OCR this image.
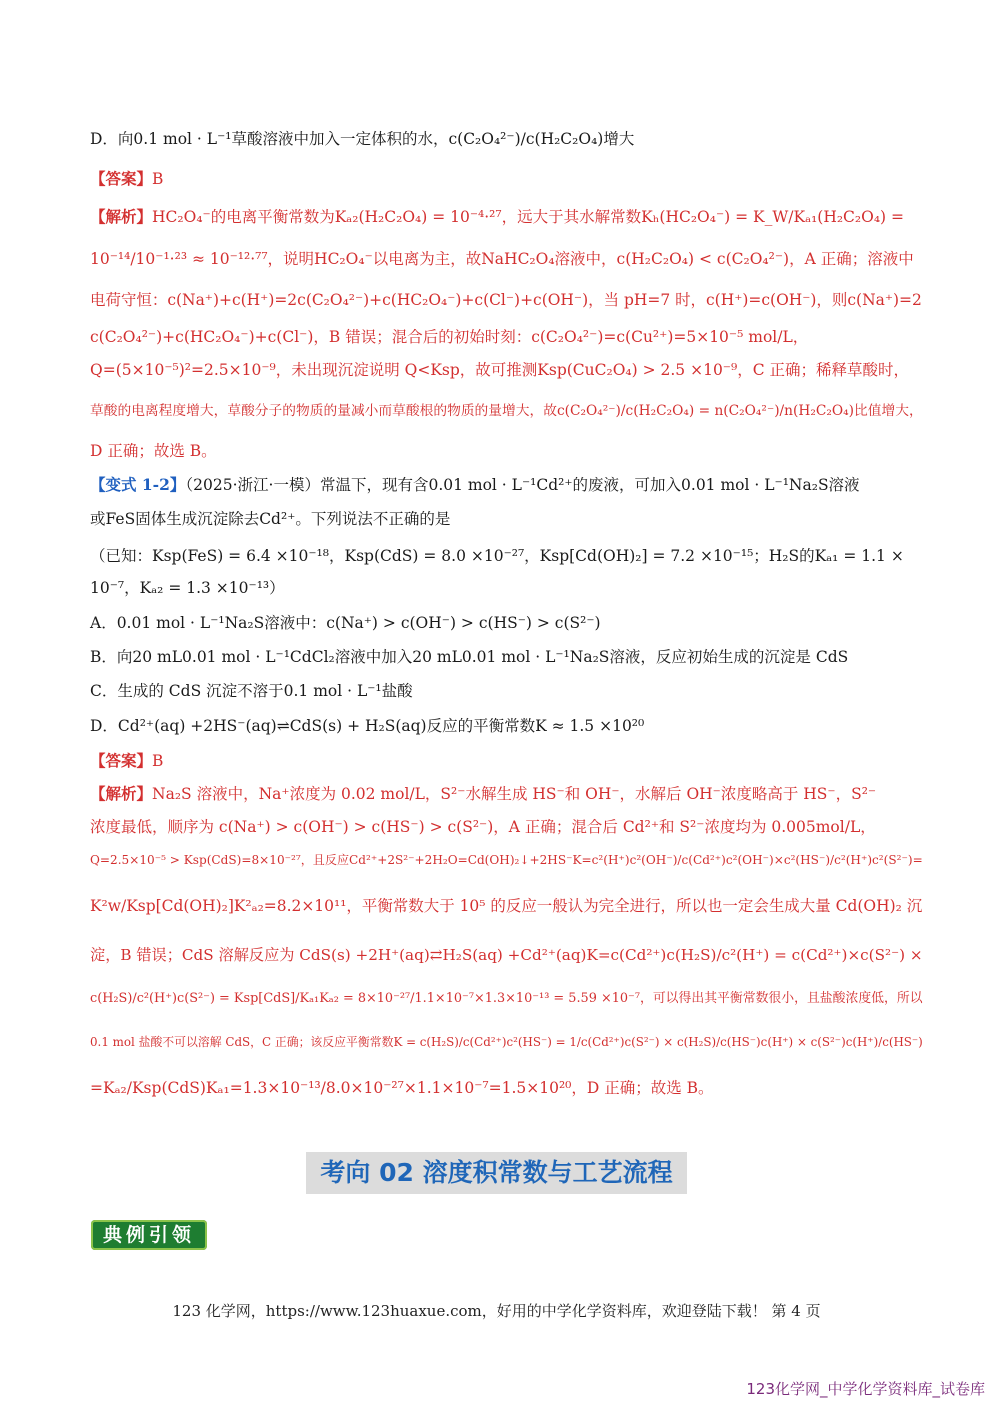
D．向0.1 mol · L⁻¹草酸溶液中加入一定体积的水，c(C₂O₄²⁻)/c(H₂C₂O₄)增大
【答案】B
【解析】HC₂O₄⁻的电离平衡常数为Kₐ₂(H₂C₂O₄) = 10⁻⁴·²⁷，远大于其水解常数Kₕ(HC₂O₄⁻) = K_W/Kₐ₁(H₂C₂O₄) =
10⁻¹⁴/10⁻¹·²³ ≈ 10⁻¹²·⁷⁷，说明HC₂O₄⁻以电离为主，故NaHC₂O₄溶液中，c(H₂C₂O₄) < c(C₂O₄²⁻)，A 正确；溶液中
电荷守恒：c(Na⁺)+c(H⁺)=2c(C₂O₄²⁻)+c(HC₂O₄⁻)+c(Cl⁻)+c(OH⁻)，当 pH=7 时，c(H⁺)=c(OH⁻)，则c(Na⁺)=2
c(C₂O₄²⁻)+c(HC₂O₄⁻)+c(Cl⁻)，B 错误；混合后的初始时刻：c(C₂O₄²⁻)=c(Cu²⁺)=5×10⁻⁵ mol/L，
Q=(5×10⁻⁵)²=2.5×10⁻⁹，未出现沉淀说明 Q<Ksp，故可推测Ksp(CuC₂O₄) > 2.5 ×10⁻⁹，C 正确；稀释草酸时，
草酸的电离程度增大，草酸分子的物质的量减小而草酸根的物质的量增大，故c(C₂O₄²⁻)/c(H₂C₂O₄) = n(C₂O₄²⁻)/n(H₂C₂O₄)比值增大，
D 正确；故选 B。
【变式 1-2】（2025·浙江·一模）常温下，现有含0.01 mol · L⁻¹Cd²⁺的废液，可加入0.01 mol · L⁻¹Na₂S溶液
或FeS固体生成沉淀除去Cd²⁺。下列说法不正确的是
（已知：Ksp(FeS) = 6.4 ×10⁻¹⁸，Ksp(CdS) = 8.0 ×10⁻²⁷，Ksp[Cd(OH)₂] = 7.2 ×10⁻¹⁵；H₂S的Kₐ₁ = 1.1 ×
10⁻⁷，Kₐ₂ = 1.3 ×10⁻¹³）
A．0.01 mol · L⁻¹Na₂S溶液中：c(Na⁺) > c(OH⁻) > c(HS⁻) > c(S²⁻)
B．向20 mL0.01 mol · L⁻¹CdCl₂溶液中加入20 mL0.01 mol · L⁻¹Na₂S溶液，反应初始生成的沉淀是 CdS
C．生成的 CdS 沉淀不溶于0.1 mol · L⁻¹盐酸
D．Cd²⁺(aq) +2HS⁻(aq)⇌CdS(s) + H₂S(aq)反应的平衡常数K ≈ 1.5 ×10²⁰
【答案】B
【解析】Na₂S 溶液中，Na⁺浓度为 0.02 mol/L，S²⁻水解生成 HS⁻和 OH⁻，水解后 OH⁻浓度略高于 HS⁻，S²⁻
浓度最低，顺序为 c(Na⁺) > c(OH⁻) > c(HS⁻) > c(S²⁻)，A 正确；混合后 Cd²⁺和 S²⁻浓度均为 0.005mol/L，
Q=2.5×10⁻⁵ > Ksp(CdS)=8×10⁻²⁷，且反应Cd²⁺+2S²⁻+2H₂O=Cd(OH)₂↓+2HS⁻K=c²(H⁺)c²(OH⁻)/c(Cd²⁺)c²(OH⁻)×c²(HS⁻)/c²(H⁺)c²(S²⁻)=
K²w/Ksp[Cd(OH)₂]K²ₐ₂=8.2×10¹¹，平衡常数大于 10⁵ 的反应一般认为完全进行，所以也一定会生成大量 Cd(OH)₂ 沉
淀，B 错误；CdS 溶解反应为 CdS(s) +2H⁺(aq)⇄H₂S(aq) +Cd²⁺(aq)K=c(Cd²⁺)c(H₂S)/c²(H⁺) = c(Cd²⁺)×c(S²⁻) ×
c(H₂S)/c²(H⁺)c(S²⁻) = Ksp[CdS]/Kₐ₁Kₐ₂ = 8×10⁻²⁷/1.1×10⁻⁷×1.3×10⁻¹³ = 5.59 ×10⁻⁷，可以得出其平衡常数很小，且盐酸浓度低，所以
0.1 mol 盐酸不可以溶解 CdS，C 正确；该反应平衡常数K = c(H₂S)/c(Cd²⁺)c²(HS⁻) = 1/c(Cd²⁺)c(S²⁻) × c(H₂S)/c(HS⁻)c(H⁺) × c(S²⁻)c(H⁺)/c(HS⁻)
=Kₐ₂/Ksp(CdS)Kₐ₁=1.3×10⁻¹³/8.0×10⁻²⁷×1.1×10⁻⁷=1.5×10²⁰，D 正确；故选 B。
考向 02 溶度积常数与工艺流程
典例引领
123 化学网，https://www.123huaxue.com，好用的中学化学资料库，欢迎登陆下载！ 第 4 页
123化学网_中学化学资料库_试卷库
